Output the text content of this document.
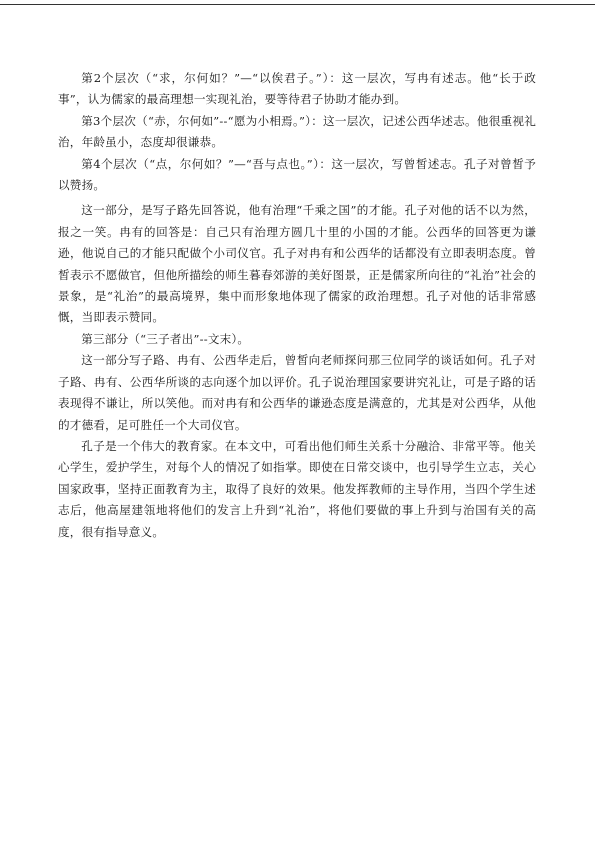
第2个层次（“求，尔何如？”—“以俟君子。”）：这一层次，写冉有述志。他“长于政事”，认为儒家的最高理想一实现礼治，要等待君子协助才能办到。

第3个层次（“赤，尔何如”--“愿为小相焉。”）：这一层次，记述公西华述志。他很重视礼治，年龄虽小，态度却很谦恭。

第4个层次（“点，尔何如？”—“吾与点也。”）：这一层次，写曾皙述志。孔子对曾皙予以赞扬。

这一部分，是写子路先回答说，他有治理“千乘之国”的才能。孔子对他的话不以为然，报之一笑。冉有的回答是：自己只有治理方圆几十里的小国的才能。公西华的回答更为谦逊，他说自己的才能只配做个小司仪官。孔子对冉有和公西华的话都没有立即表明态度。曾皙表示不愿做官，但他所描绘的师生暮春郊游的美好图景，正是儒家所向往的“礼治”社会的景象，是“礼治”的最高境界，集中而形象地体现了儒家的政治理想。孔子对他的话非常感慨，当即表示赞同。

第三部分（“三子者出”--文末）。

这一部分写子路、冉有、公西华走后，曾皙向老师探问那三位同学的谈话如何。孔子对子路、冉有、公西华所谈的志向逐个加以评价。孔子说治理国家要讲究礼让，可是子路的话表现得不谦让，所以笑他。而对冉有和公西华的谦逊态度是满意的，尤其是对公西华，从他的才德看，足可胜任一个大司仪官。

孔子是一个伟大的教育家。在本文中，可看出他们师生关系十分融洽、非常平等。他关心学生，爱护学生，对每个人的情况了如指掌。即使在日常交谈中，也引导学生立志，关心国家政事，坚持正面教育为主，取得了良好的效果。他发挥教师的主导作用，当四个学生述志后，他高屋建瓴地将他们的发言上升到“礼治”，将他们要做的事上升到与治国有关的高度，很有指导意义。
